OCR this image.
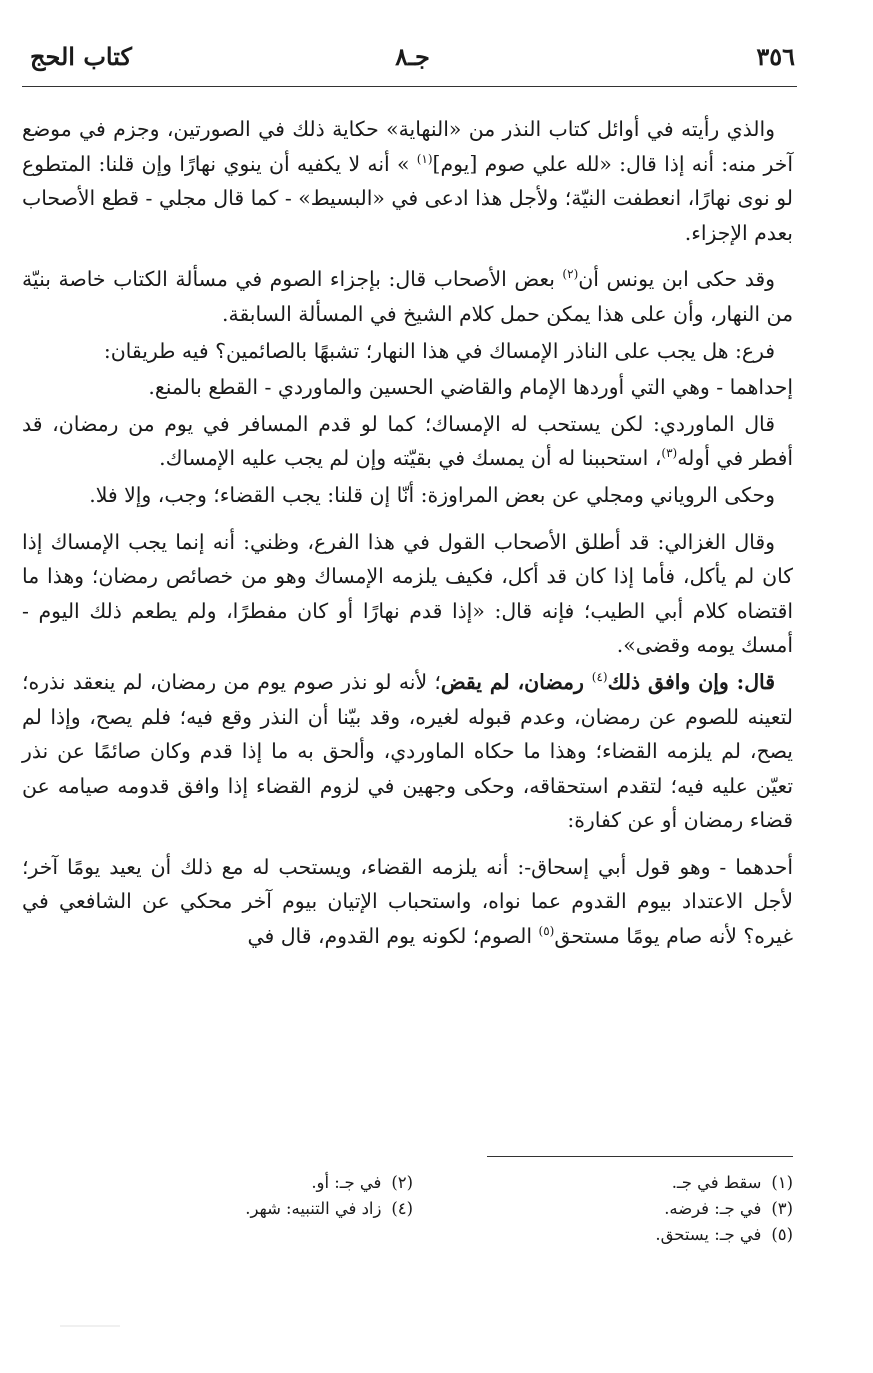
٣٥٦
جـ٨
كتاب الحج

والذي رأيته في أوائل كتاب النذر من «النهاية» حكاية ذلك في الصورتين، وجزم في موضع آخر منه: أنه إذا قال: «لله علي صوم [يوم]$^{(١)}$ » أنه لا يكفيه أن ينوي نهارًا وإن قلنا: المتطوع لو نوى نهارًا، انعطفت النيّة؛ ولأجل هذا ادعى في «البسيط» - كما قال مجلي - قطع الأصحاب بعدم الإجزاء.

وقد حكى ابن يونس أن$^{(٢)}$ بعض الأصحاب قال: بإجزاء الصوم في مسألة الكتاب خاصة بنيّة من النهار، وأن على هذا يمكن حمل كلام الشيخ في المسألة السابقة.

فرع: هل يجب على الناذر الإمساك في هذا النهار؛ تشبهًا بالصائمين؟ فيه طريقان:

إحداهما - وهي التي أوردها الإمام والقاضي الحسين والماوردي - القطع بالمنع.

قال الماوردي: لكن يستحب له الإمساك؛ كما لو قدم المسافر في يوم من رمضان، قد أفطر في أوله$^{(٣)}$، استحببنا له أن يمسك في بقيّته وإن لم يجب عليه الإمساك.

وحكى الروياني ومجلي عن بعض المراوزة: أنّا إن قلنا: يجب القضاء؛ وجب، وإلا فلا.

وقال الغزالي: قد أطلق الأصحاب القول في هذا الفرع، وظني: أنه إنما يجب الإمساك إذا كان لم يأكل، فأما إذا كان قد أكل، فكيف يلزمه الإمساك وهو من خصائص رمضان؛ وهذا ما اقتضاه كلام أبي الطيب؛ فإنه قال: «إذا قدم نهارًا أو كان مفطرًا، ولم يطعم ذلك اليوم - أمسك يومه وقضى».

قال: وإن وافق ذلك$^{(٤)}$ رمضان، لم يقض؛ لأنه لو نذر صوم يوم من رمضان، لم ينعقد نذره؛ لتعينه للصوم عن رمضان، وعدم قبوله لغيره، وقد بيّنا أن النذر وقع فيه؛ فلم يصح، وإذا لم يصح، لم يلزمه القضاء؛ وهذا ما حكاه الماوردي، وألحق به ما إذا قدم وكان صائمًا عن نذر تعيّن عليه فيه؛ لتقدم استحقاقه، وحكى وجهين في لزوم القضاء إذا وافق قدومه صيامه عن قضاء رمضان أو عن كفارة:

أحدهما - وهو قول أبي إسحاق-: أنه يلزمه القضاء، ويستحب له مع ذلك أن يعيد يومًا آخر؛ لأجل الاعتداد بيوم القدوم عما نواه، واستحباب الإتيان بيوم آخر محكي عن الشافعي في غيره؟ لأنه صام يومًا مستحق$^{(٥)}$ الصوم؛ لكونه يوم القدوم، قال في

(١)سقط في جـ.
(٢)في جـ: أو.
(٣)في جـ: فرضه.
(٤)زاد في التنبيه: شهر.
(٥)في جـ: يستحق.
